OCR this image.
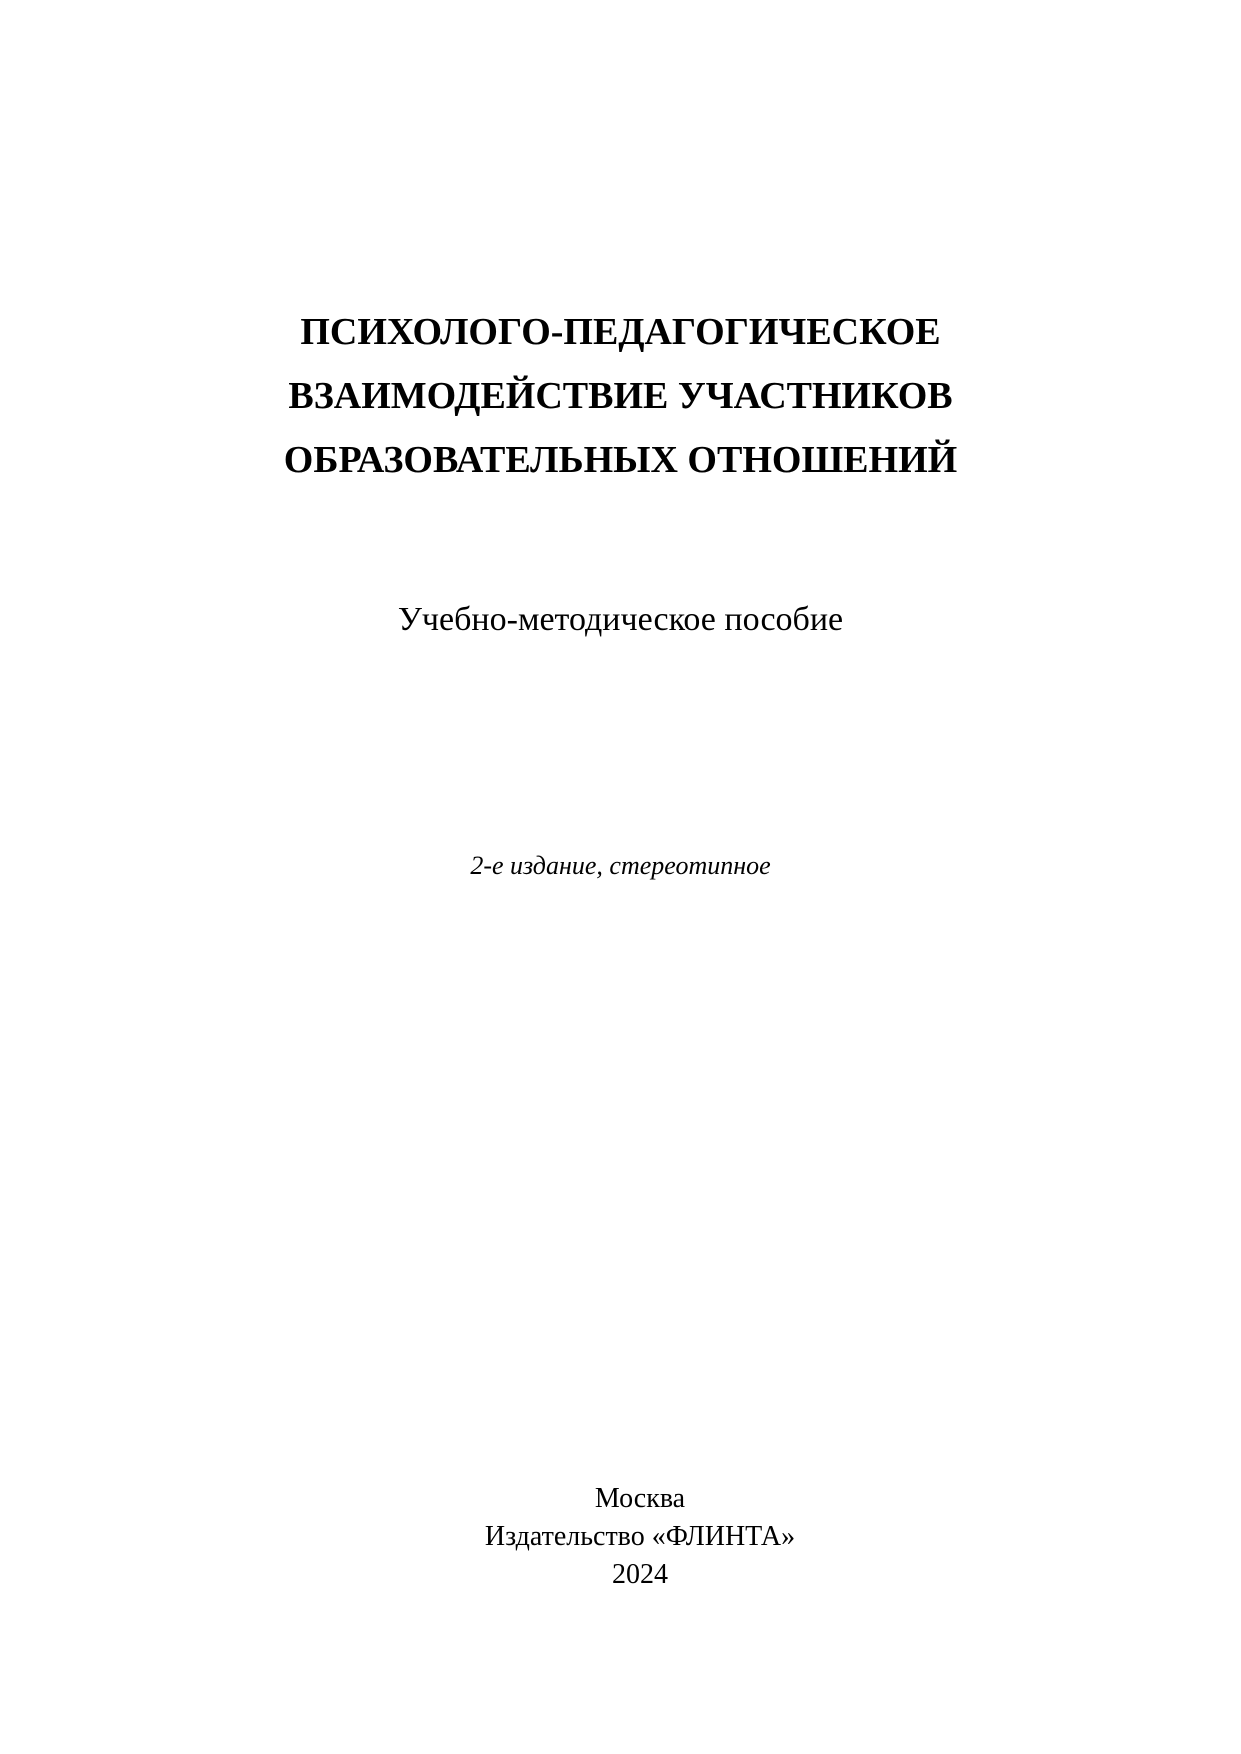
ПСИХОЛОГО-ПЕДАГОГИЧЕСКОЕ
ВЗАИМОДЕЙСТВИЕ УЧАСТНИКОВ
ОБРАЗОВАТЕЛЬНЫХ ОТНОШЕНИЙ
Учебно-методическое пособие
2-е издание, стереотипное
Москва
Издательство «ФЛИНТА»
2024
